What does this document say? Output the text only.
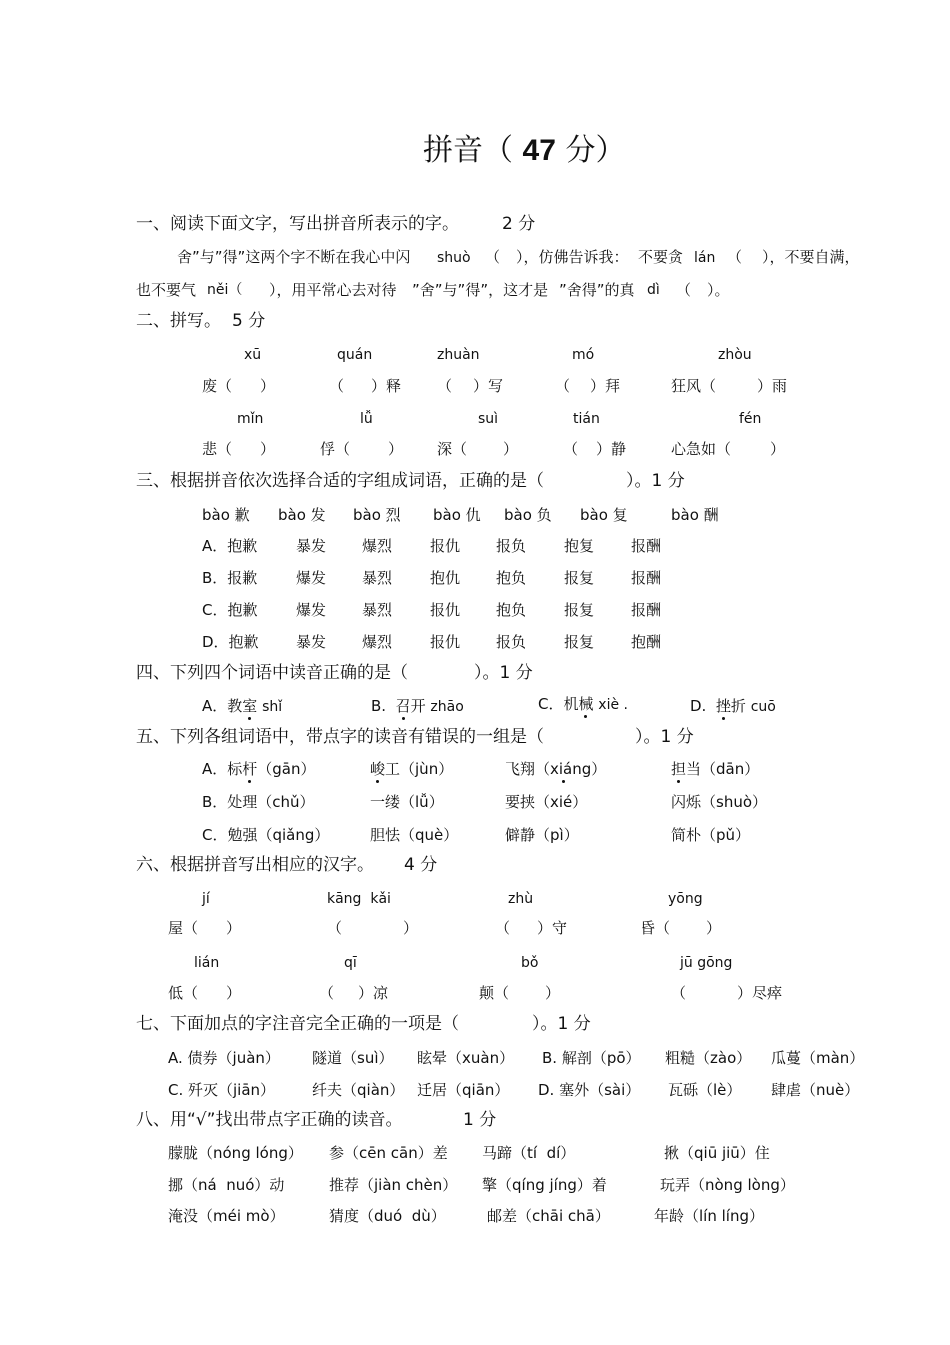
拼音（ 47 分）
一、阅读下面文字，写出拼音所表示的字。	2 分
舍”与”得”这两个字不断在我心中闪 shuò （ ），仿佛告诉我： 不要贪 lán （ ），不要自满，
也不要气 něi（ ），用平常心去对待 ”舍”与”得”，这才是 ”舍得”的真 dì （ ）。
二、拼写。 5 分
xū	quán	zhuàn	mó	zhòu
废（ ）	（ ）释 （ ）写	（ ）拜	狂风（	）雨
mǐn	lǚ	suì	tián	fén
悲（ ）	俘（	） 深（ ）	（ ）静	心急如（	）
三、根据拼音依次选择合适的字组成词语，正确的是（	）。1 分
bào 歉 bào 发 bào 烈 bào 仇 bào 负 bào 复	bào 酬
A．抱歉	暴发 爆烈	报仇 报负	抱复 报酬
B．报歉	爆发 暴烈	抱仇 抱负	报复 报酬
C．抱歉	爆发 暴烈	报仇 抱负	报复 报酬
D．抱歉 暴发 爆烈	报仇 报负	报复 抱酬
四、下列四个词语中读音正确的是（	）。1 分
A．教室 shǐ	B. 召开 zhāo	C．机械 xiè .	D. 挫折 cuō
五、下列各组词语中，带点字的读音有错误的一组是（	）。1 分
A．标杆（gān）	峻工（jùn）	飞翔（xiáng）	担当（dān）
B．处理（chǔ）	一缕（lǚ）	要挟（xié）	闪烁（shuò）
C．勉强（qiǎng）	胆怯（què）	僻静（pì）	简朴（pǔ）
六、根据拼音写出相应的汉字。 4 分
jí	kāng  kǎi	zhù	yōng
屋（ ）	（	）	（ ）守	昏（ ）
lián	qī	bǒ	jū gōng
低（ ）	（ ）凉	颠（ ）	（	）尽瘁
七、下面加点的字注音完全正确的一项是（	）。1 分
A. 债券（juàn） 隧道（suì） 眩晕（xuàn） B. 解剖（pō） 粗糙（zào） 瓜蔓（màn）
C. 歼灭（jiān） 纤夫（qiàn） 迁居（qiān） D. 塞外（sài） 瓦砾（lè） 肆虐（nuè）
八、用“√”找出带点字正确的读音。	1 分
朦胧（nóng lóng） 参（cēn cān）差 马蹄（tí  dí）	揪（qiū jiū）住
挪（ná  nuó）动	推荐（jiàn chèn） 擎（qíng jíng）着	玩弄（nòng lòng）
淹没（méi mò）	猜度（duó  dù）	邮差（chāi chā）	年龄（lín líng）
